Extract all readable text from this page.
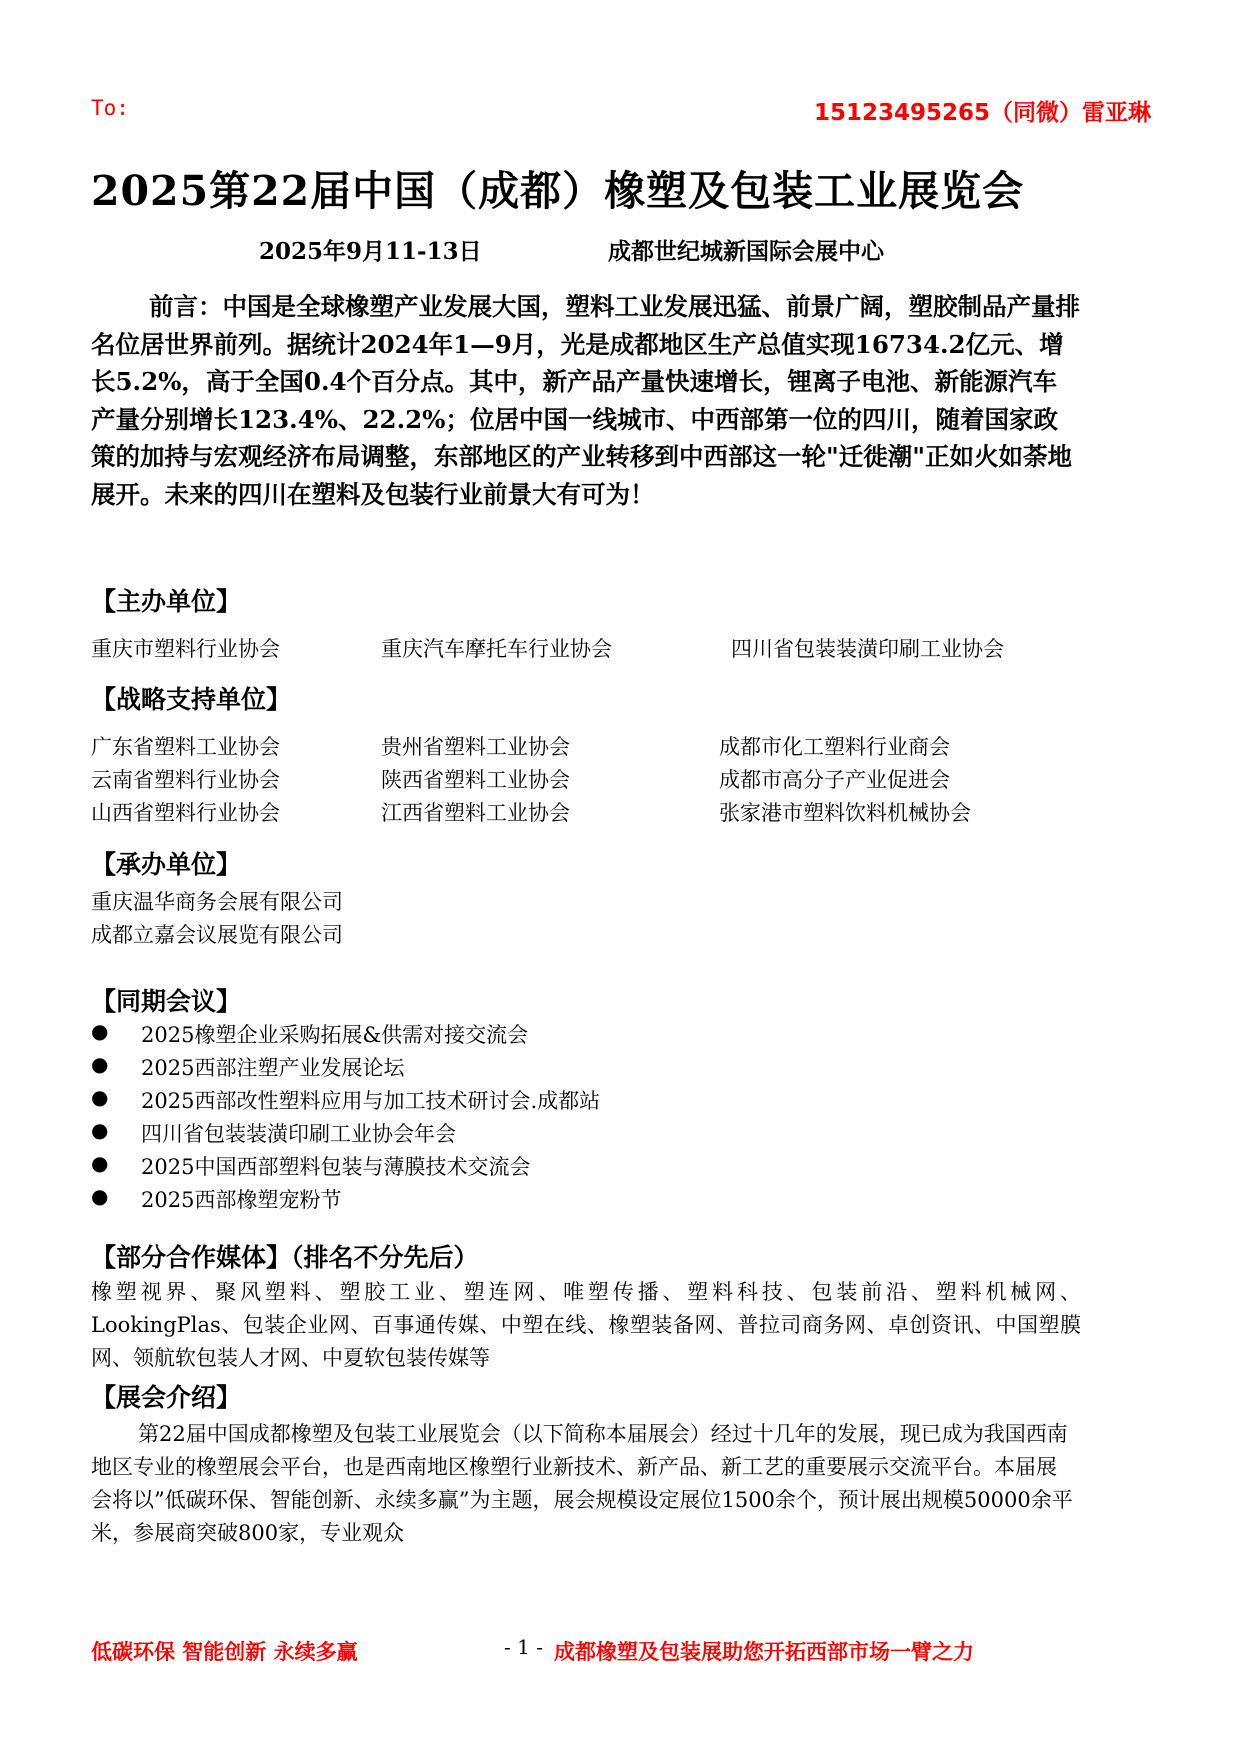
To:	15123495265（同微）雷亚琳
2025第22届中国（成都）橡塑及包装工业展览会
2025年9月11-13日	成都世纪城新国际会展中心
前言：中国是全球橡塑产业发展大国，塑料工业发展迅猛、前景广阔，塑胶制品产量排名位居世界前列。据统计2024年1—9月，光是成都地区生产总值实现16734.2亿元、增长5.2%，高于全国0.4个百分点。其中，新产品产量快速增长，锂离子电池、新能源汽车产量分别增长123.4%、22.2%；位居中国一线城市、中西部第一位的四川，随着国家政策的加持与宏观经济布局调整，东部地区的产业转移到中西部这一轮"迁徙潮"正如火如荼地展开。未来的四川在塑料及包装行业前景大有可为！
【主办单位】
重庆市塑料行业协会	重庆汽车摩托车行业协会	四川省包装装潢印刷工业协会
【战略支持单位】
广东省塑料工业协会	贵州省塑料工业协会	成都市化工塑料行业商会
云南省塑料行业协会	陕西省塑料工业协会	成都市高分子产业促进会
山西省塑料行业协会	江西省塑料工业协会	张家港市塑料饮料机械协会
【承办单位】
重庆温华商务会展有限公司
成都立嘉会议展览有限公司
【同期会议】
● 2025橡塑企业采购拓展&供需对接交流会
● 2025西部注塑产业发展论坛
● 2025西部改性塑料应用与加工技术研讨会.成都站
● 四川省包装装潢印刷工业协会年会
● 2025中国西部塑料包装与薄膜技术交流会
● 2025西部橡塑宠粉节
【部分合作媒体】（排名不分先后）
橡塑视界、聚风塑料、塑胶工业、塑连网、唯塑传播、塑料科技、包装前沿、塑料机械网、LookingPlas、包装企业网、百事通传媒、中塑在线、橡塑装备网、普拉司商务网、卓创资讯、中国塑膜网、领航软包装人才网、中夏软包装传媒等
【展会介绍】
第22届中国成都橡塑及包装工业展览会（以下简称本届展会）经过十几年的发展，现已成为我国西南地区专业的橡塑展会平台，也是西南地区橡塑行业新技术、新产品、新工艺的重要展示交流平台。本届展会将以”低碳环保、智能创新、永续多赢”为主题，展会规模设定展位1500余个，预计展出规模50000余平米，参展商突破800家，专业观众
低碳环保 智能创新 永续多赢	- 1 - 成都橡塑及包装展助您开拓西部市场一臂之力
